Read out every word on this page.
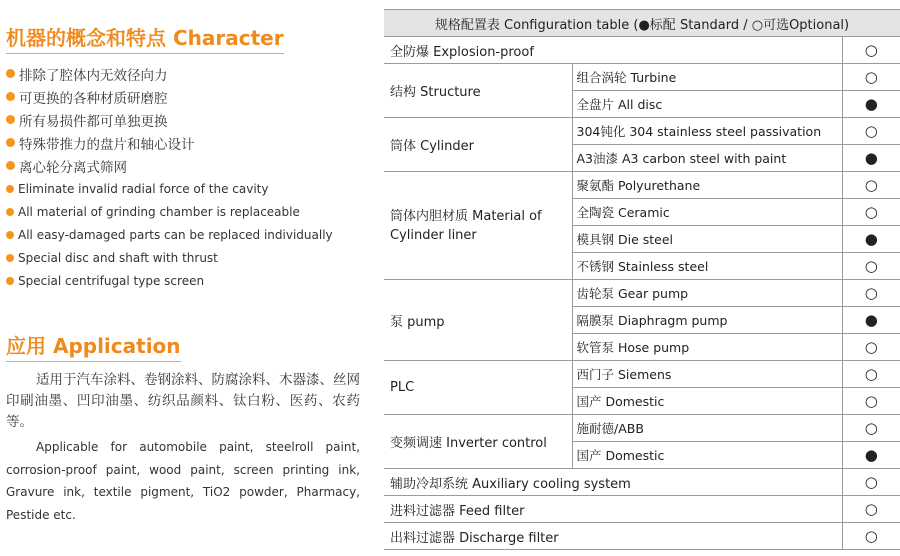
机器的概念和特点 Character
排除了腔体内无效径向力
可更换的各种材质研磨腔
所有易损件都可单独更换
特殊带推力的盘片和轴心设计
离心轮分离式筛网
Eliminate invalid radial force of the cavity
All material of grinding chamber is replaceable
All easy-damaged parts can be replaced individually
Special disc and shaft with thrust
Special centrifugal type screen
应用 Application

适用于汽车涂料、卷钢涂料、防腐涂料、木器漆、丝网印刷油墨、凹印油墨、纺织品颜料、钛白粉、医药、农药等。

Applicable for automobile paint, steelroll paint, corrosion-proof paint, wood paint, screen printing ink, Gravure ink, textile pigment, TiO2 powder, Pharmacy, Pestide etc.

规格配置表 Configuration table (●标配 Standard / ○可选Optional)		
全防爆 Explosion-proof		○
结构 Structure	组合涡轮 Turbine	○
	全盘片 All disc	●
筒体 Cylinder	304钝化 304 stainless steel passivation	○
	A3油漆 A3 carbon steel with paint	●
筒体内胆材质 Material of Cylinder liner	聚氨酯 Polyurethane	○
	全陶瓷 Ceramic	○
	模具钢 Die steel	●
	不锈钢 Stainless steel	○
泵 pump	齿轮泵 Gear pump	○
	隔膜泵 Diaphragm pump	●
	软管泵 Hose pump	○
PLC	西门子 Siemens	○
	国产 Domestic	○
变频调速 Inverter control	施耐德/ABB	○
	国产 Domestic	●
辅助冷却系统 Auxiliary cooling system		○
进料过滤器 Feed filter		○
出料过滤器 Discharge filter		○
